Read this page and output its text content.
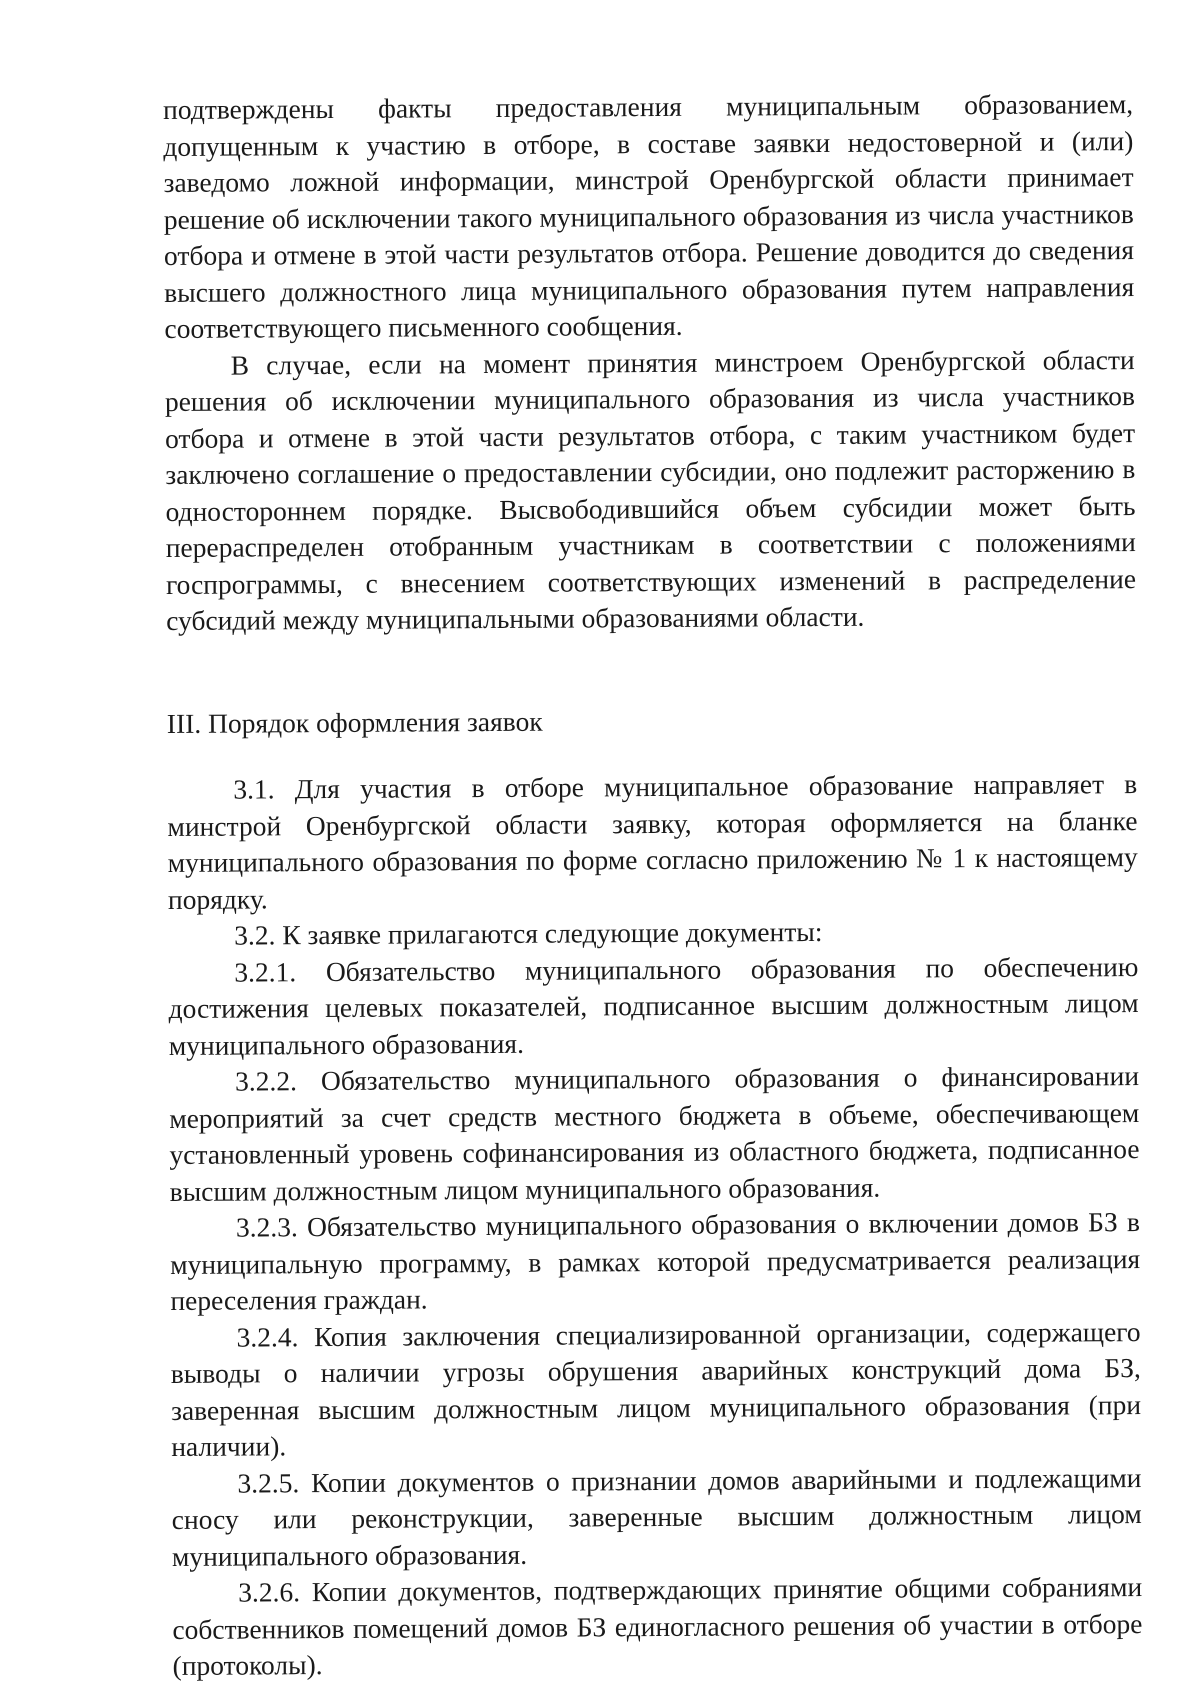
подтверждены факты предоставления муниципальным образованием, допущенным к участию в отборе, в составе заявки недостоверной и (или) заведомо ложной информации, минстрой Оренбургской области принимает решение об исключении такого муниципального образования из числа участников отбора и отмене в этой части результатов отбора. Решение доводится до сведения высшего должностного лица муниципального образования путем направления соответствующего письменного сообщения.

В случае, если на момент принятия минстроем Оренбургской области решения об исключении муниципального образования из числа участников отбора и отмене в этой части результатов отбора, с таким участником будет заключено соглашение о предоставлении субсидии, оно подлежит расторжению в одностороннем порядке. Высвободившийся объем субсидии может быть перераспределен отобранным участникам в соответствии с положениями госпрограммы, с внесением соответствующих изменений в распределение субсидий между муниципальными образованиями области.

III. Порядок оформления заявок

3.1. Для участия в отборе муниципальное образование направляет в минстрой Оренбургской области заявку, которая оформляется на бланке муниципального образования по форме согласно приложению № 1 к настоящему порядку.

3.2. К заявке прилагаются следующие документы:

3.2.1. Обязательство муниципального образования по обеспечению достижения целевых показателей, подписанное высшим должностным лицом муниципального образования.

3.2.2. Обязательство муниципального образования о финансировании мероприятий за счет средств местного бюджета в объеме, обеспечивающем установленный уровень софинансирования из областного бюджета, подписанное высшим должностным лицом муниципального образования.

3.2.3. Обязательство муниципального образования о включении домов БЗ в муниципальную программу, в рамках которой предусматривается реализация переселения граждан.

3.2.4. Копия заключения специализированной организации, содержащего выводы о наличии угрозы обрушения аварийных конструкций дома БЗ, заверенная высшим должностным лицом муниципального образования (при наличии).

3.2.5. Копии документов о признании домов аварийными и подлежащими сносу или реконструкции, заверенные высшим должностным лицом муниципального образования.

3.2.6. Копии документов, подтверждающих принятие общими собраниями собственников помещений домов БЗ единогласного решения об участии в отборе (протоколы).
